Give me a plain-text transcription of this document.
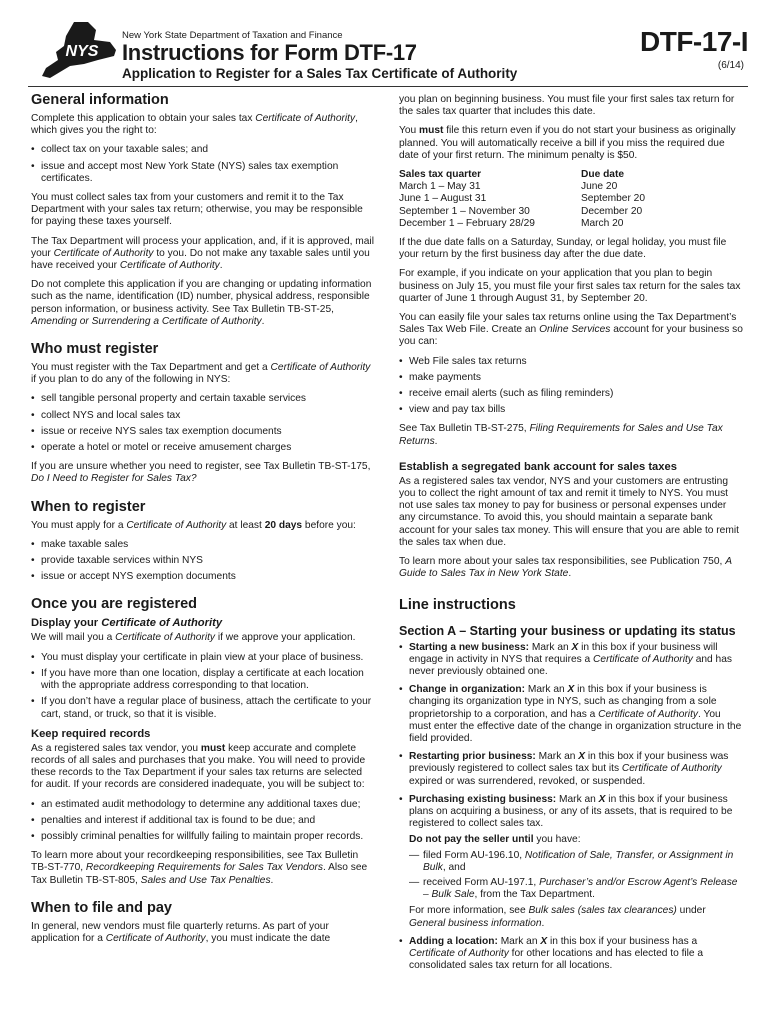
NYS
New York State Department of Taxation and Finance
Instructions for Form DTF-17
Application to Register for a Sales Tax Certificate of Authority
DTF-17-I
(6/14)
General information

Complete this application to obtain your sales tax Certificate of Authority, which gives you the right to:

• collect tax on your taxable sales; and
• issue and accept most New York State (NYS) sales tax exemption certificates.

You must collect sales tax from your customers and remit it to the Tax Department with your sales tax return; otherwise, you may be responsible for paying these taxes yourself.

The Tax Department will process your application, and, if it is approved, mail your Certificate of Authority to you. Do not make any taxable sales until you have received your Certificate of Authority.

Do not complete this application if you are changing or updating information such as the name, identification (ID) number, physical address, responsible person information, or business activity. See Tax Bulletin TB-ST-25, Amending or Surrendering a Certificate of Authority.

Who must register

You must register with the Tax Department and get a Certificate of Authority if you plan to do any of the following in NYS:

• sell tangible personal property and certain taxable services
• collect NYS and local sales tax
• issue or receive NYS sales tax exemption documents
• operate a hotel or motel or receive amusement charges

If you are unsure whether you need to register, see Tax Bulletin TB-ST-175, Do I Need to Register for Sales Tax?

When to register

You must apply for a Certificate of Authority at least 20 days before you:

• make taxable sales
• provide taxable services within NYS
• issue or accept NYS exemption documents
Once you are registered
Display your Certificate of Authority

We will mail you a Certificate of Authority if we approve your application.

• You must display your certificate in plain view at your place of business.
• If you have more than one location, display a certificate at each location with the appropriate address corresponding to that location.
• If you don’t have a regular place of business, attach the certificate to your cart, stand, or truck, so that it is visible.
Keep required records

As a registered sales tax vendor, you must keep accurate and complete records of all sales and purchases that you make. You will need to provide these records to the Tax Department if your sales tax returns are selected for audit. If your records are considered inadequate, you will be subject to:

• an estimated audit methodology to determine any additional taxes due;
• penalties and interest if additional tax is found to be due; and
• possibly criminal penalties for willfully failing to maintain proper records.

To learn more about your recordkeeping responsibilities, see Tax Bulletin TB-ST-770, Recordkeeping Requirements for Sales Tax Vendors. Also see Tax Bulletin TB-ST-805, Sales and Use Tax Penalties.

When to file and pay

In general, new vendors must file quarterly returns. As part of your application for a Certificate of Authority, you must indicate the date

you plan on beginning business. You must file your first sales tax return for the sales tax quarter that includes this date.

You must file this return even if you do not start your business as originally planned. You will automatically receive a bill if you miss the required due date of your first return. The minimum penalty is $50.

Sales tax quarter	Due date
March 1 – May 31	June 20
June 1 – August 31	September 20
September 1 – November 30	December 20
December 1 – February 28/29	March 20

If the due date falls on a Saturday, Sunday, or legal holiday, you must file your return by the first business day after the due date.

For example, if you indicate on your application that you plan to begin business on July 15, you must file your first sales tax return for the sales tax quarter of June 1 through August 31, by September 20.

You can easily file your sales tax returns online using the Tax Department’s Sales Tax Web File. Create an Online Services account for your business so you can:

• Web File sales tax returns
• make payments
• receive email alerts (such as filing reminders)
• view and pay tax bills

See Tax Bulletin TB-ST-275, Filing Requirements for Sales and Use Tax Returns.

Establish a segregated bank account for sales taxes

As a registered sales tax vendor, NYS and your customers are entrusting you to collect the right amount of tax and remit it timely to NYS. You must not use sales tax money to pay for business or personal expenses under any circumstance. To avoid this, you should maintain a separate bank account for your sales tax money. This will ensure that you are able to remit the sales tax when due.

To learn more about your sales tax responsibilities, see Publication 750, A Guide to Sales Tax in New York State.

Line instructions
Section A – Starting your business or updating its status
• Starting a new business: Mark an X in this box if your business will engage in activity in NYS that requires a Certificate of Authority and has never previously obtained one.
• Change in organization: Mark an X in this box if your business is changing its organization type in NYS, such as changing from a sole proprietorship to a corporation, and has a Certificate of Authority. You must enter the effective date of the change in organization structure in the field provided.
• Restarting prior business: Mark an X in this box if your business was previously registered to collect sales tax but its Certificate of Authority expired or was surrendered, revoked, or suspended.
• Purchasing existing business: Mark an X in this box if your business plans on acquiring a business, or any of its assets, that is required to be registered to collect sales tax.
Do not pay the seller until you have:
— filed Form AU-196.10, Notification of Sale, Transfer, or Assignment in Bulk, and
— received Form AU-197.1, Purchaser’s and/or Escrow Agent’s Release – Bulk Sale, from the Tax Department.
For more information, see Bulk sales (sales tax clearances) under General business information.
• Adding a location: Mark an X in this box if your business has a Certificate of Authority for other locations and has elected to file a consolidated sales tax return for all locations.
